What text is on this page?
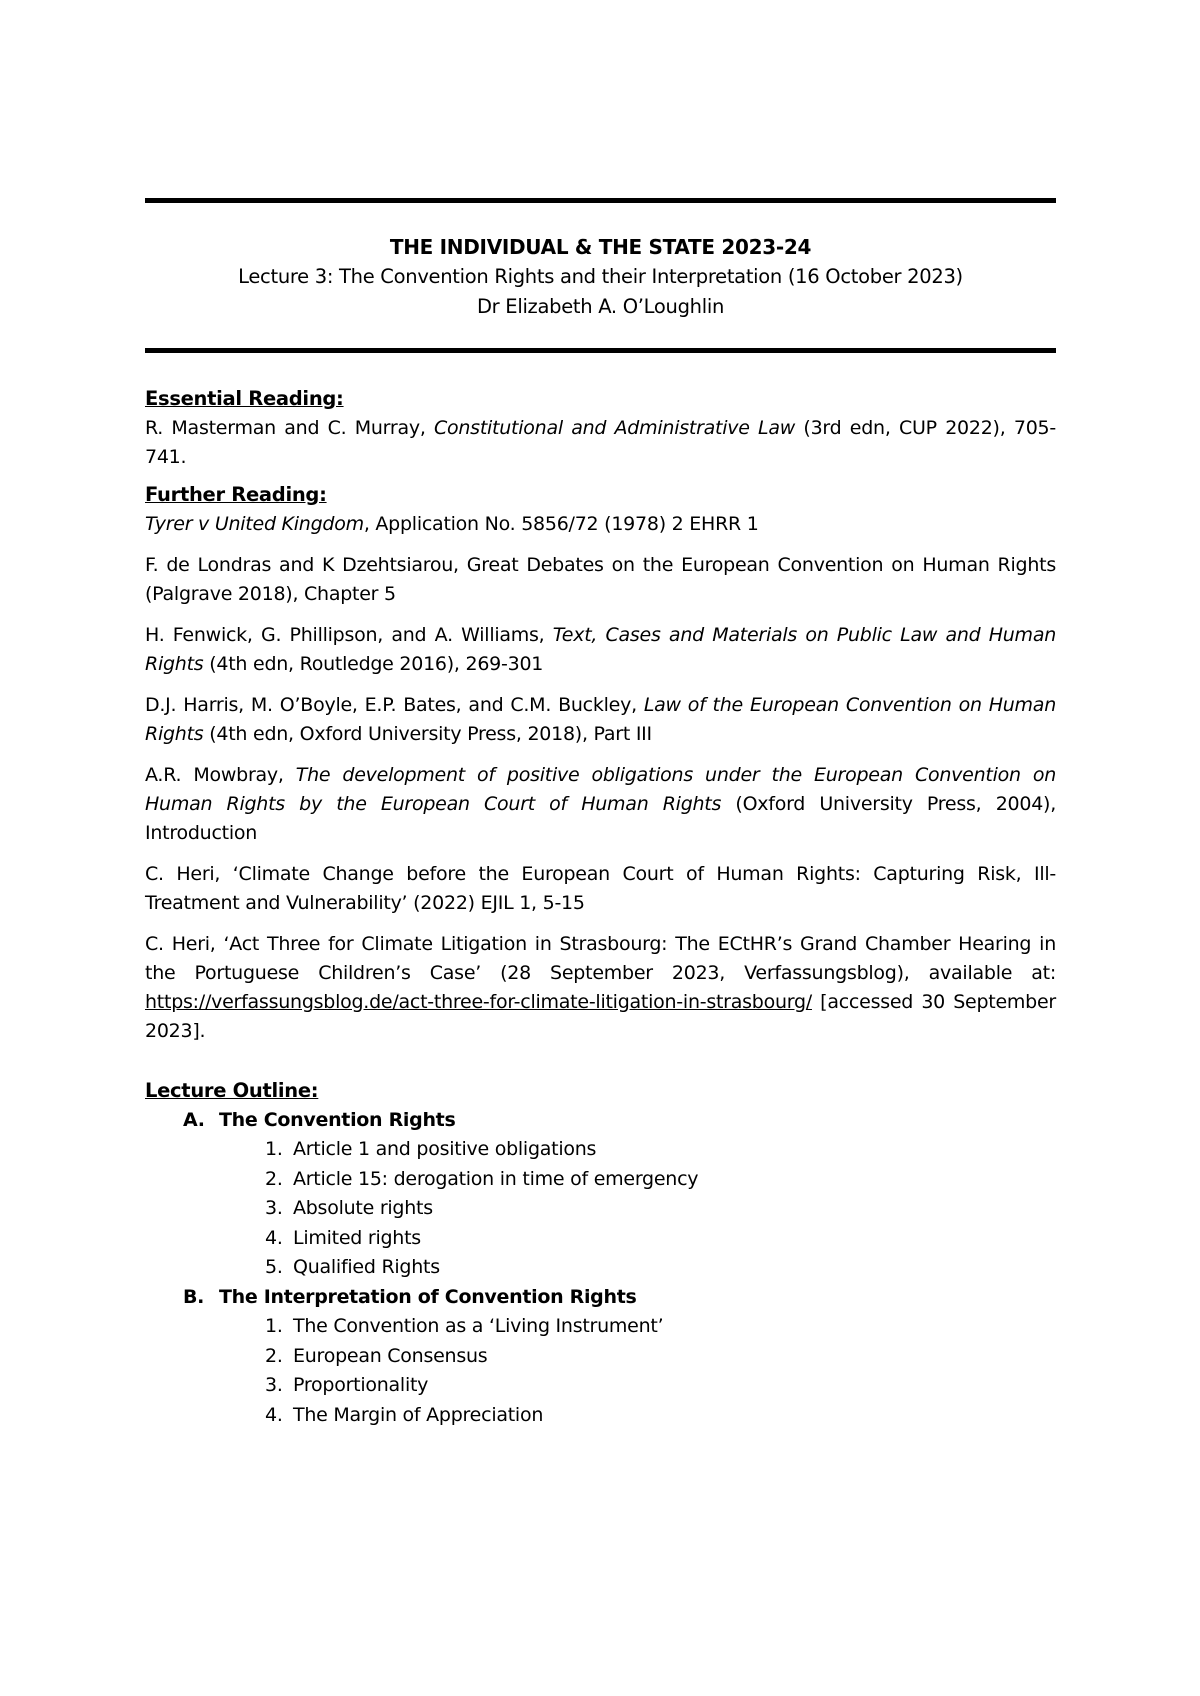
THE INDIVIDUAL & THE STATE 2023-24
Lecture 3: The Convention Rights and their Interpretation (16 October 2023)
Dr Elizabeth A. O’Loughlin
Essential Reading:

R. Masterman and C. Murray, Constitutional and Administrative Law (3rd edn, CUP 2022), 705-741.

Further Reading:

Tyrer v United Kingdom, Application No. 5856/72 (1978) 2 EHRR 1

F. de Londras and K Dzehtsiarou, Great Debates on the European Convention on Human Rights (Palgrave 2018), Chapter 5

H. Fenwick, G. Phillipson, and A. Williams, Text, Cases and Materials on Public Law and Human Rights (4th edn, Routledge 2016), 269-301

D.J. Harris, M. O’Boyle, E.P. Bates, and C.M. Buckley, Law of the European Convention on Human Rights (4th edn, Oxford University Press, 2018), Part III

A.R. Mowbray, The development of positive obligations under the European Convention on Human Rights by the European Court of Human Rights (Oxford University Press, 2004), Introduction

C. Heri, ‘Climate Change before the European Court of Human Rights: Capturing Risk, Ill-Treatment and Vulnerability’ (2022) EJIL 1, 5-15

C. Heri, ‘Act Three for Climate Litigation in Strasbourg: The ECtHR’s Grand Chamber Hearing in the Portuguese Children’s Case’ (28 September 2023, Verfassungsblog), available at: https://verfassungsblog.de/act-three-for-climate-litigation-in-strasbourg/ [accessed 30 September 2023].

Lecture Outline:
A. The Convention Rights
1. Article 1 and positive obligations
2. Article 15: derogation in time of emergency
3. Absolute rights
4. Limited rights
5. Qualified Rights
B. The Interpretation of Convention Rights
1. The Convention as a ‘Living Instrument’
2. European Consensus
3. Proportionality
4. The Margin of Appreciation
